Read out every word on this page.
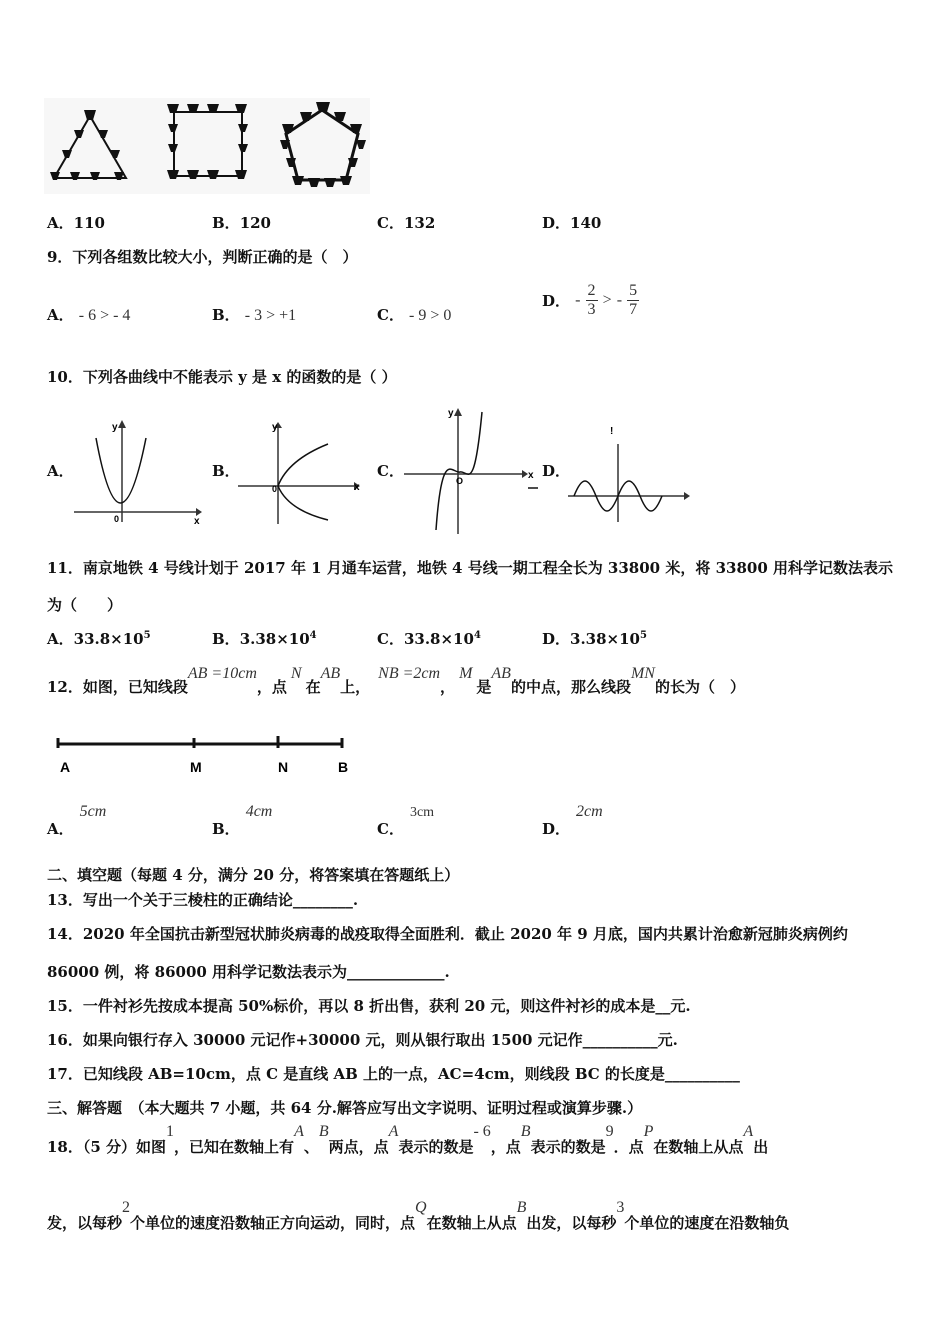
A．110	B．120	C．132	D．140
9．下列各组数比较大小，判断正确的是（　）
A． - 6 > - 4	B． - 3 > +1	C． - 9 > 0
D． - $\frac{2}{3}$ > - $\frac{5}{7}$
10．下列各曲线中不能表示 y 是 x 的函数的是（ ）
A．
y
x
0
B．
y
x
0
C．
y
x
O
D．
!
11．南京地铁 4 号线计划于 2017 年 1 月通车运营，地铁 4 号线一期工程全长为 33800 米，将 33800 用科学记数法表示
为（　　）
A．$33.8\times 10^5$	B．$3.38\times 10^4$	C．$33.8\times 10^4$	D．$3.38\times 10^5$
12．如图，已知线段AB =10cm，点N在AB上，NB =2cm，M是AB的中点，那么线段MN的长为（　）
A	M	N	B
A．5cm
B．4cm
C．3cm
D．2cm
二、填空题（每题 4 分，满分 20 分，将答案填在答题纸上）
13．写出一个关于三棱柱的正确结论________.
14．2020 年全国抗击新型冠状肺炎病毒的战疫取得全面胜利．截止 2020 年 9 月底，国内共累计治愈新冠肺炎病例约
86000 例，将 86000 用科学记数法表示为_____________.
15．一件衬衫先按成本提高 50%标价，再以 8 折出售，获利 20 元，则这件衬衫的成本是__元.
16．如果向银行存入 30000 元记作+30000 元，则从银行取出 1500 元记作__________元.
17．已知线段 AB=10cm，点 C 是直线 AB 上的一点，AC=4cm，则线段 BC 的长度是__________
三、解答题　（本大题共 7 小题，共 64 分.解答应写出文字说明、证明过程或演算步骤.）
18．（5 分）如图1，已知在数轴上有A、B两点，点A表示的数是- 6，点B表示的数是9．点P在数轴上从点A出
发，以每秒2个单位的速度沿数轴正方向运动，同时，点Q在数轴上从点B出发，以每秒3个单位的速度在沿数轴负
